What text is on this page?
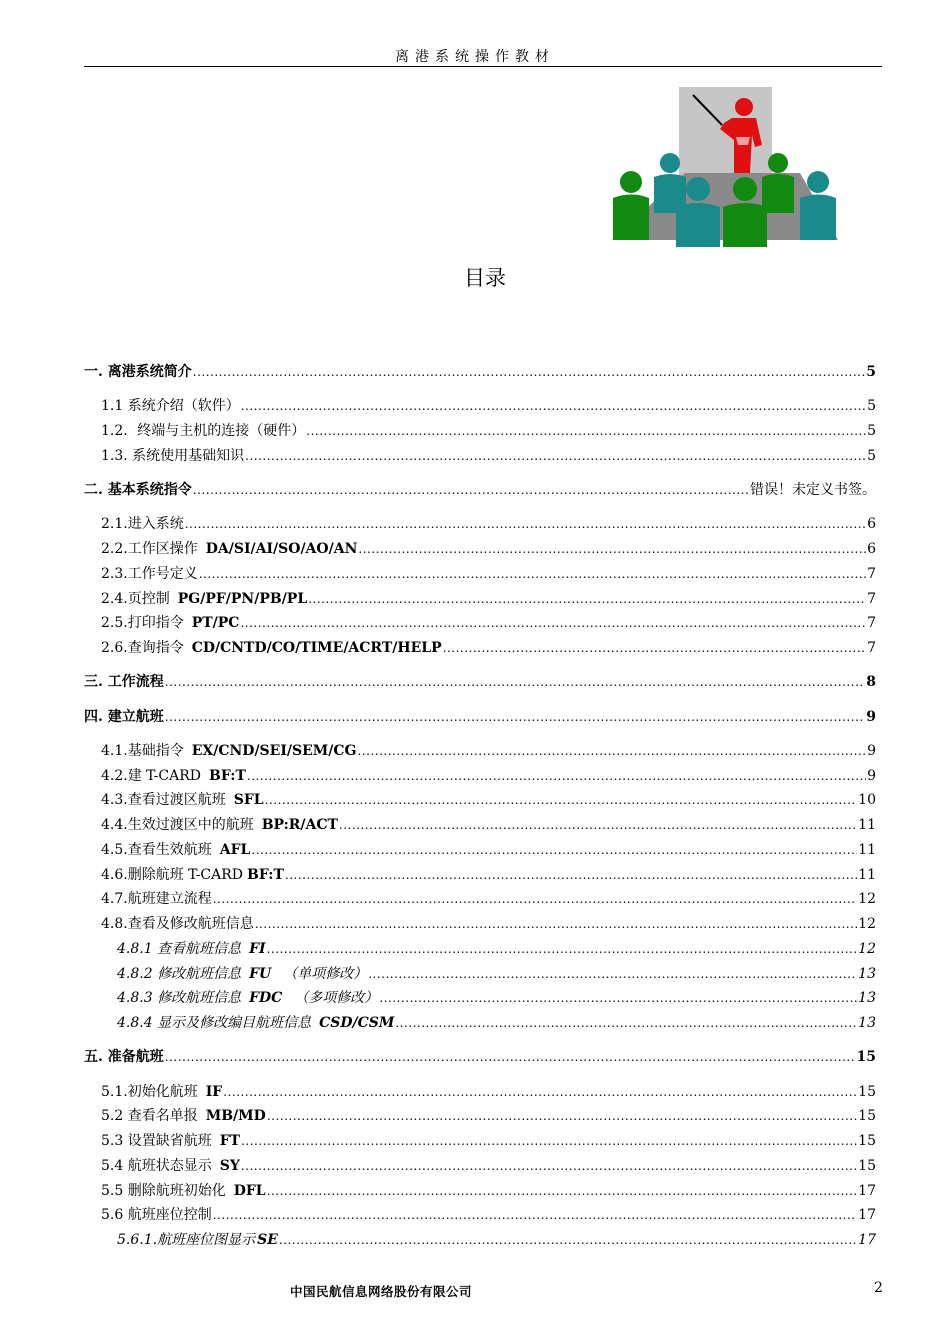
离港系统操作教材
目录
一. 离港系统简介 .....	5
1.1 系统介绍（软件） .....	5
1.2．终端与主机的连接（硬件） .....	5
1.3. 系统使用基础知识 .....	5
二. 基本系统指令 .....	错误！未定义书签。
2.1.进入系统 .....	6
2.2.工作区操作 DA/SI/AI/SO/AO/AN .....	6
2.3.工作号定义 .....	7
2.4.页控制 PG/PF/PN/PB/PL .....	7
2.5.打印指令 PT/PC .....	7
2.6.查询指令 CD/CNTD/CO/TIME/ACRT/HELP .....	7
三. 工作流程 .....	8
四. 建立航班 .....	9
4.1.基础指令 EX/CND/SEI/SEM/CG .....	9
4.2.建 T-CARD BF:T .....	9
4.3.查看过渡区航班 SFL .....	10
4.4.生效过渡区中的航班 BP:R/ACT .....	11
4.5.查看生效航班 AFL .....	11
4.6.删除航班 T-CARD BF:T .....	11
4.7.航班建立流程 .....	12
4.8.查看及修改航班信息 .....	12
4.8.1 查看航班信息 FI .....	12
4.8.2 修改航班信息 FU （单项修改） .....	13
4.8.3 修改航班信息 FDC （多项修改） .....	13
4.8.4 显示及修改编目航班信息 CSD/CSM .....	13
五. 准备航班 .....	15
5.1.初始化航班 IF .....	15
5.2 查看名单报 MB/MD .....	15
5.3 设置缺省航班 FT .....	15
5.4 航班状态显示 SY .....	15
5.5 删除航班初始化 DFL .....	17
5.6 航班座位控制 .....	17
5.6.1.航班座位图显示 SE .....	17
中国民航信息网络股份有限公司	2
